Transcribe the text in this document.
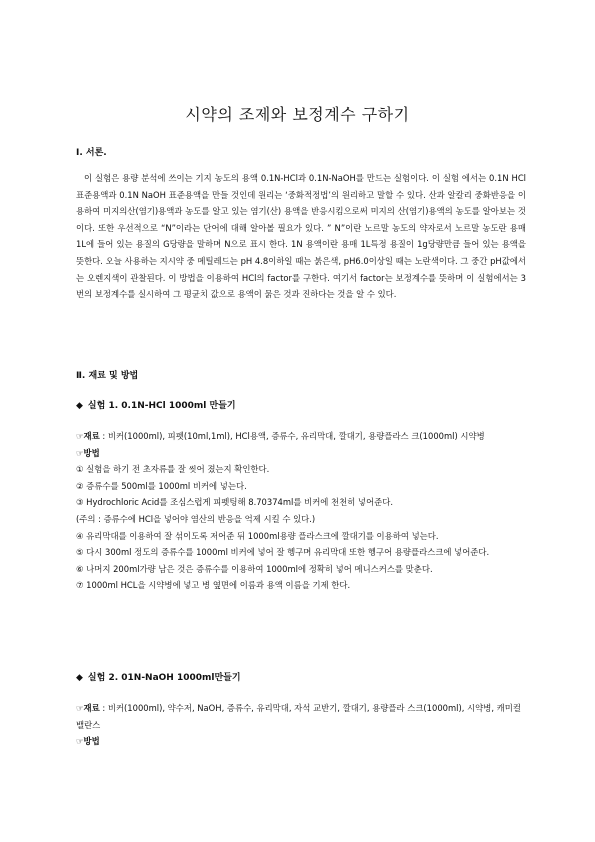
시약의 조제와 보정계수 구하기
Ⅰ. 서론.
이 실험은 용량 분석에 쓰이는 기지 농도의 용액 0.1N-HCl과 0.1N-NaOH를 만드는 실험이다. 이 실험 에서는 0.1N HCl 표준용액과 0.1N NaOH 표준용액을 만들 것인데 원리는 ‘중화적정법’의 원리하고 말할 수 있다. 산과 알칼리 중화반응을 이용하여 미지의산(염기)용액과 농도를 알고 있는 염기(산) 용액을 반응시킴으로써 미지의 산(염기)용액의 농도를 알아보는 것이다. 또한 우선적으로 “N”이라는 단어에 대해 알아볼 필요가 있다. ” N”이란 노르말 농도의 약자로서 노르말 농도란 용매 1L에 들어 있는 용질의 G당량을 말하며 N으로 표시 한다. 1N 용액이란 용매 1L특정 용질이 1g당량만큼 들어 있는 용액을 뜻한다. 오늘 사용하는 지시약 중 메틸레드는 pH 4.8이하일 때는 붉은색, pH6.0이상일 때는 노란색이다. 그 중간 pH값에서는 오렌지색이 관찰된다. 이 방법을 이용하여 HCl의 factor를 구한다. 여기서 factor는 보정계수를 뜻하며 이 실험에서는 3번의 보정계수를 실시하여 그 평균치 값으로 용액이 묽은 것과 진하다는 것을 알 수 있다.
Ⅱ. 재료 및 방법
◆ 실험 1. 0.1N-HCl 1000ml 만들기
☞재료 : 비커(1000ml), 피펫(10ml,1ml), HCl용액, 증류수, 유리막대, 깔대기, 용량플라스 크(1000ml) 시약병
☞방법
① 실험을 하기 전 초자류를 잘 씻어 졌는지 확인한다.
② 증류수를 500ml를 1000ml 비커에 넣는다.
③ Hydrochloric Acid를 조심스럽게 피펫팅해 8.70374ml를 비커에 천천히 넣어준다.
(주의 : 증류수에 HCl을 넣어야 염산의 반응을 억제 시킬 수 있다.)
④ 유리막대를 이용하여 잘 섞이도록 저어준 뒤 1000ml용량 플라스크에 깔대기를 이용하여 넣는다.
⑤ 다시 300ml 정도의 증류수를 1000ml 비커에 넣어 잘 헹구며 유리막대 또한 헹구어 용량플라스크에 넣어준다.
⑥ 나머지 200ml가량 남은 것은 증류수를 이용하여 1000ml에 정확히 넣어 메니스커스를 맞춘다.
⑦ 1000ml HCL을 시약병에 넣고 병 옆면에 이름과 용액 이름을 기제 한다.
◆ 실험 2. 01N-NaOH 1000ml만들기
☞재료 : 비커(1000ml), 약수저, NaOH, 증류수, 유리막대, 자석 교반기, 깔대기, 용량플라 스크(1000ml), 시약병, 캐미컬밸란스
☞방법
